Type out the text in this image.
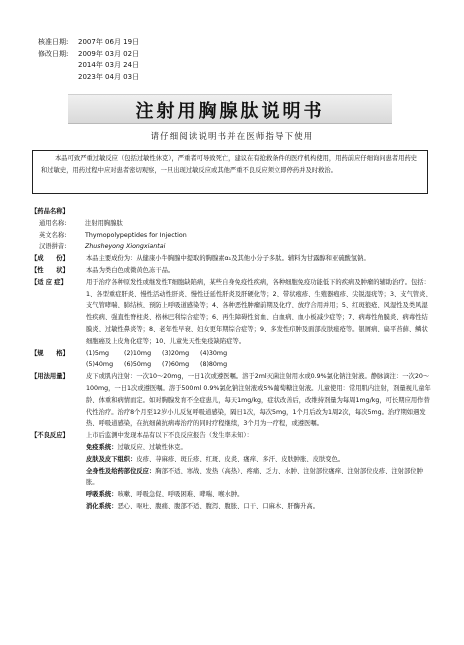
核准日期: 2007年 06月 19日
修改日期: 2009年 03月 02日
2014年 03月 24日
2023年 04月 03日
注射用胸腺肽说明书
请仔细阅读说明书并在医师指导下使用

本品可致严重过敏反应（包括过敏性休克），严重者可导致死亡，建议在有抢救条件的医疗机构使用，用药前应仔细询问患者用药史和过敏史，用药过程中应对患者密切观察，一旦出现过敏反应或其他严重不良反应须立即停药并及时救治。

【药品名称】
通用名称:	注射用胸腺肽
英文名称:	Thymopolypeptides for Injection
汉语拼音:	Zhusheyong Xiongxiantai
【成　　份】	本品主要成份为：从健康小牛胸腺中提取的胸腺素α₁及其他小分子多肽。辅料为甘露醇和亚硫酸氢钠。
【性　　状】	本品为类白色或微黄色冻干品。
【适 应 症】	用于治疗各种原发性或继发性T细胞缺陷病，某些自身免疫性疾病，各种细胞免疫功能低下的疾病及肿瘤的辅助治疗。包括：1、各型重症肝炎、慢性活动性肝炎、慢性迁延性肝炎及肝硬化等；2、带状疱疹、生殖器疱疹、尖锐湿疣等；3、支气管炎、支气管哮喘、肺结核、预防上呼吸道感染等；4、各种恶性肿瘤前期及化疗、放疗合用并用；5、红斑狼疮、风湿性及类风湿性疾病、强直性脊柱炎、格林巴利综合症等；6、再生障碍性贫血、白血病、血小板减少症等；7、病毒性角膜炎、病毒性结膜炎、过敏性鼻炎等；8、老年性早衰、妇女更年期综合症等；9、多发性疖肿及面部皮肤痤疮等。银屑病、扁平苔藓、鳞状细胞癌及上皮角化症等；10、儿童先天性免疫缺陷症等。
【规　　格】	(1)5mg (2)10mg (3)20mg (4)30mg
(5)40mg (6)50mg (7)60mg (8)80mg
【用法用量】	皮下或肌内注射：一次10～20mg，一日1次或遵医嘱。溶于2ml灭菌注射用水或0.9%氯化钠注射液。静脉滴注：一次20～100mg，一日1次或遵医嘱。溶于500ml 0.9%氯化钠注射液或5%葡萄糖注射液。儿童使用：常用肌内注射，剂量视儿童年龄、体重和病情而定。如对胸腺发育不全症患儿，每天1mg/kg，症状改善后，改维持剂量为每周1mg/kg，可长期应用作替代性治疗。治疗8个月至12岁小儿反复呼吸道感染，隔日1次，每次5mg，1个月后改为1周2次，每次5mg。治疗期如遇发热、呼吸道感染，在抗细菌抗病毒治疗的同时疗程继续，3个月为一疗程，或遵医嘱。
【不良反应】	上市后监测中发现本品有以下不良反应报告（发生率未知）：
免疫系统：过敏反应、过敏性休克。
皮肤及皮下组织：皮疹、荨麻疹、斑丘疹、红斑、皮炎、瘙痒、多汗、皮肤肿胀、皮肤变色。
全身性及给药部位反应：胸部不适、寒战、发热（高热）、疼痛、乏力、水肿、注射部位瘙痒、注射部位皮疹、注射部位肿胀。
呼吸系统：咳嗽、呼吸急促、呼吸困难、哮喘、喉水肿。
消化系统：恶心、呕吐、腹痛、腹部不适、腹泻、腹胀、口干、口麻木、肝酶升高。
